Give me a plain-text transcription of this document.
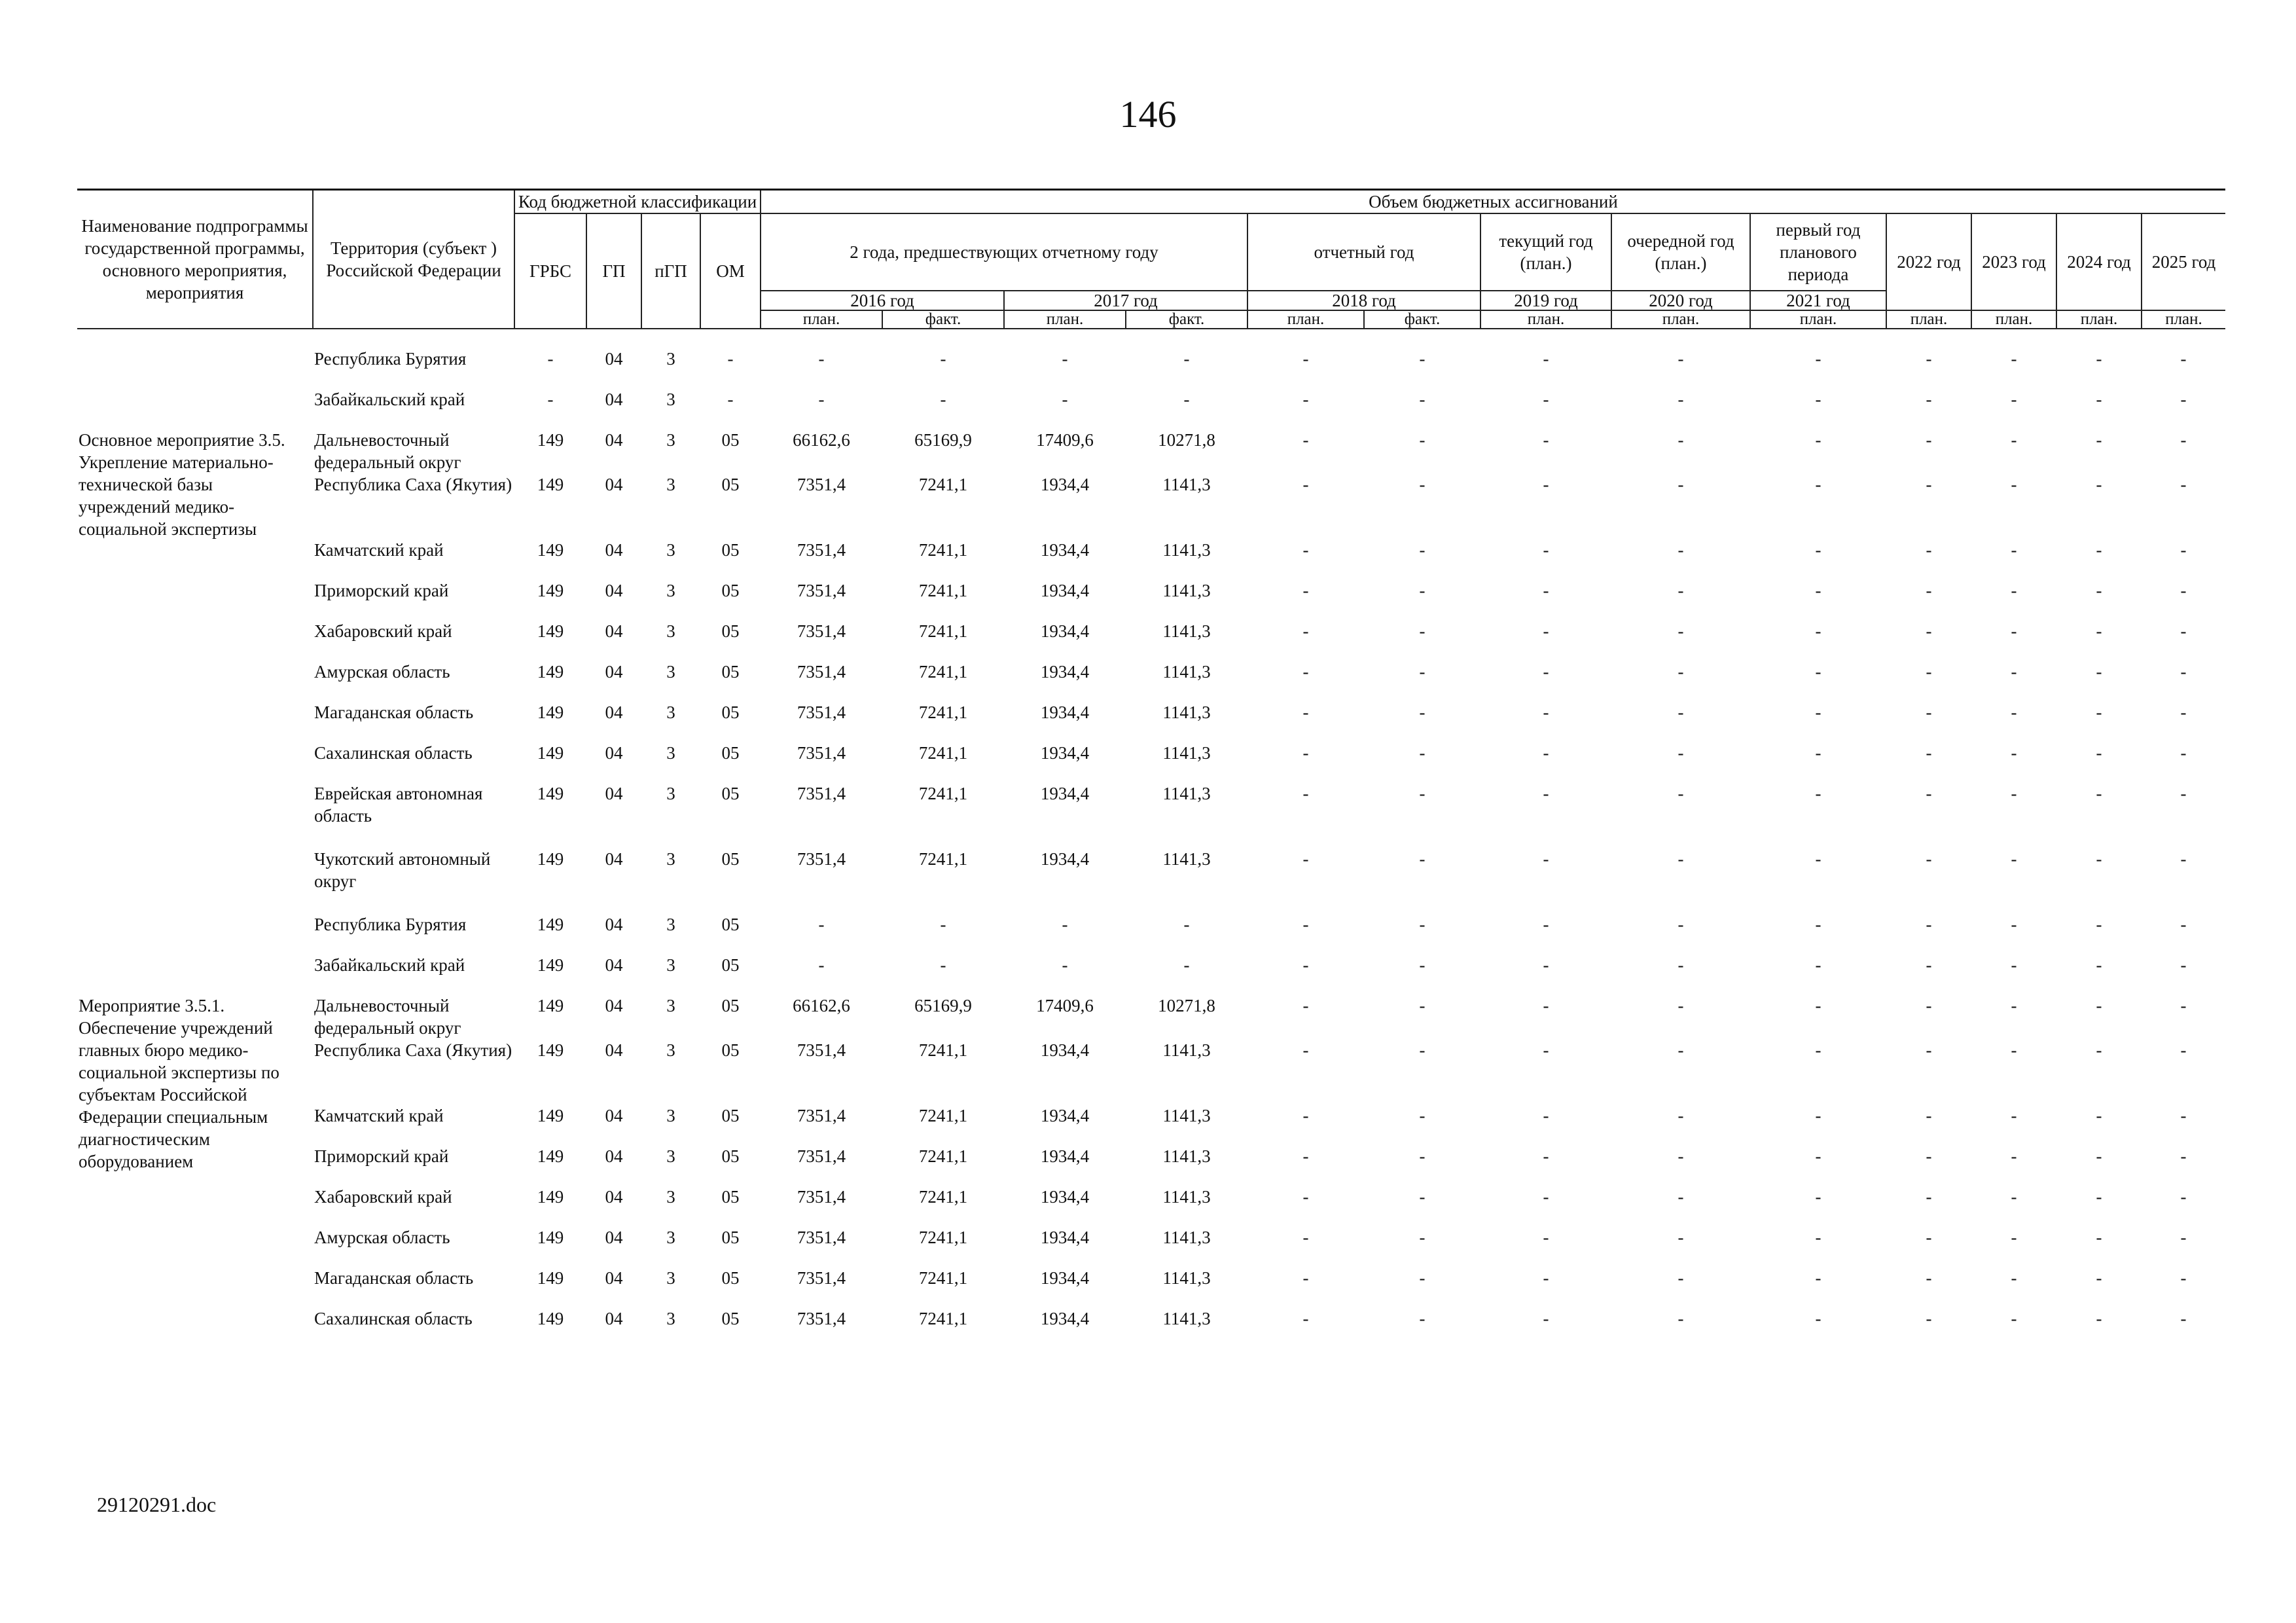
146
Наименование подпрограммы государственной программы, основного мероприятия, мероприятия	Территория (субъект ) Российской Федерации	Код бюджетной классификации				Объем бюджетных ассигнований												
		ГРБС	ГП	пГП	ОМ	2 года, предшествующих отчетному году				отчетный год		текущий год (план.)	очередной год (план.)	первый год планового периода	2022 год	2023 год	2024 год	2025 год
						2016 год		2017 год		2018 год		2019 год	2020 год	2021 год				
						план.	факт.	план.	факт.	план.	факт.	план.	план.	план.	план.	план.	план.	план.

	Республика Бурятия	-	04	3	-	-	-	-	-	-	-	-	-	-	-	-	-	-
	Забайкальский край	-	04	3	-	-	-	-	-	-	-	-	-	-	-	-	-	-
Основное мероприятие 3.5. Укрепление материально-технической базы учреждений медико-социальной экспертизы	Дальневосточный федеральный округ	149	04	3	05	66162,6	65169,9	17409,6	10271,8	-	-	-	-	-	-	-	-	-
	Республика Саха (Якутия)	149	04	3	05	7351,4	7241,1	1934,4	1141,3	-	-	-	-	-	-	-	-	-
	Камчатский край	149	04	3	05	7351,4	7241,1	1934,4	1141,3	-	-	-	-	-	-	-	-	-
	Приморский край	149	04	3	05	7351,4	7241,1	1934,4	1141,3	-	-	-	-	-	-	-	-	-
	Хабаровский край	149	04	3	05	7351,4	7241,1	1934,4	1141,3	-	-	-	-	-	-	-	-	-
	Амурская область	149	04	3	05	7351,4	7241,1	1934,4	1141,3	-	-	-	-	-	-	-	-	-
	Магаданская область	149	04	3	05	7351,4	7241,1	1934,4	1141,3	-	-	-	-	-	-	-	-	-
	Сахалинская область	149	04	3	05	7351,4	7241,1	1934,4	1141,3	-	-	-	-	-	-	-	-	-
	Еврейская автономная область	149	04	3	05	7351,4	7241,1	1934,4	1141,3	-	-	-	-	-	-	-	-	-
	Чукотский автономный округ	149	04	3	05	7351,4	7241,1	1934,4	1141,3	-	-	-	-	-	-	-	-	-
	Республика Бурятия	149	04	3	05	-	-	-	-	-	-	-	-	-	-	-	-	-
	Забайкальский край	149	04	3	05	-	-	-	-	-	-	-	-	-	-	-	-	-
Мероприятие 3.5.1. Обеспечение учреждений главных бюро медико-социальной экспертизы по субъектам Российской Федерации специальным диагностическим оборудованием	Дальневосточный федеральный округ	149	04	3	05	66162,6	65169,9	17409,6	10271,8	-	-	-	-	-	-	-	-	-
	Республика Саха (Якутия)	149	04	3	05	7351,4	7241,1	1934,4	1141,3	-	-	-	-	-	-	-	-	-
	Камчатский край	149	04	3	05	7351,4	7241,1	1934,4	1141,3	-	-	-	-	-	-	-	-	-
	Приморский край	149	04	3	05	7351,4	7241,1	1934,4	1141,3	-	-	-	-	-	-	-	-	-
	Хабаровский край	149	04	3	05	7351,4	7241,1	1934,4	1141,3	-	-	-	-	-	-	-	-	-
	Амурская область	149	04	3	05	7351,4	7241,1	1934,4	1141,3	-	-	-	-	-	-	-	-	-
	Магаданская область	149	04	3	05	7351,4	7241,1	1934,4	1141,3	-	-	-	-	-	-	-	-	-
	Сахалинская область	149	04	3	05	7351,4	7241,1	1934,4	1141,3	-	-	-	-	-	-	-	-	-
29120291.doc
